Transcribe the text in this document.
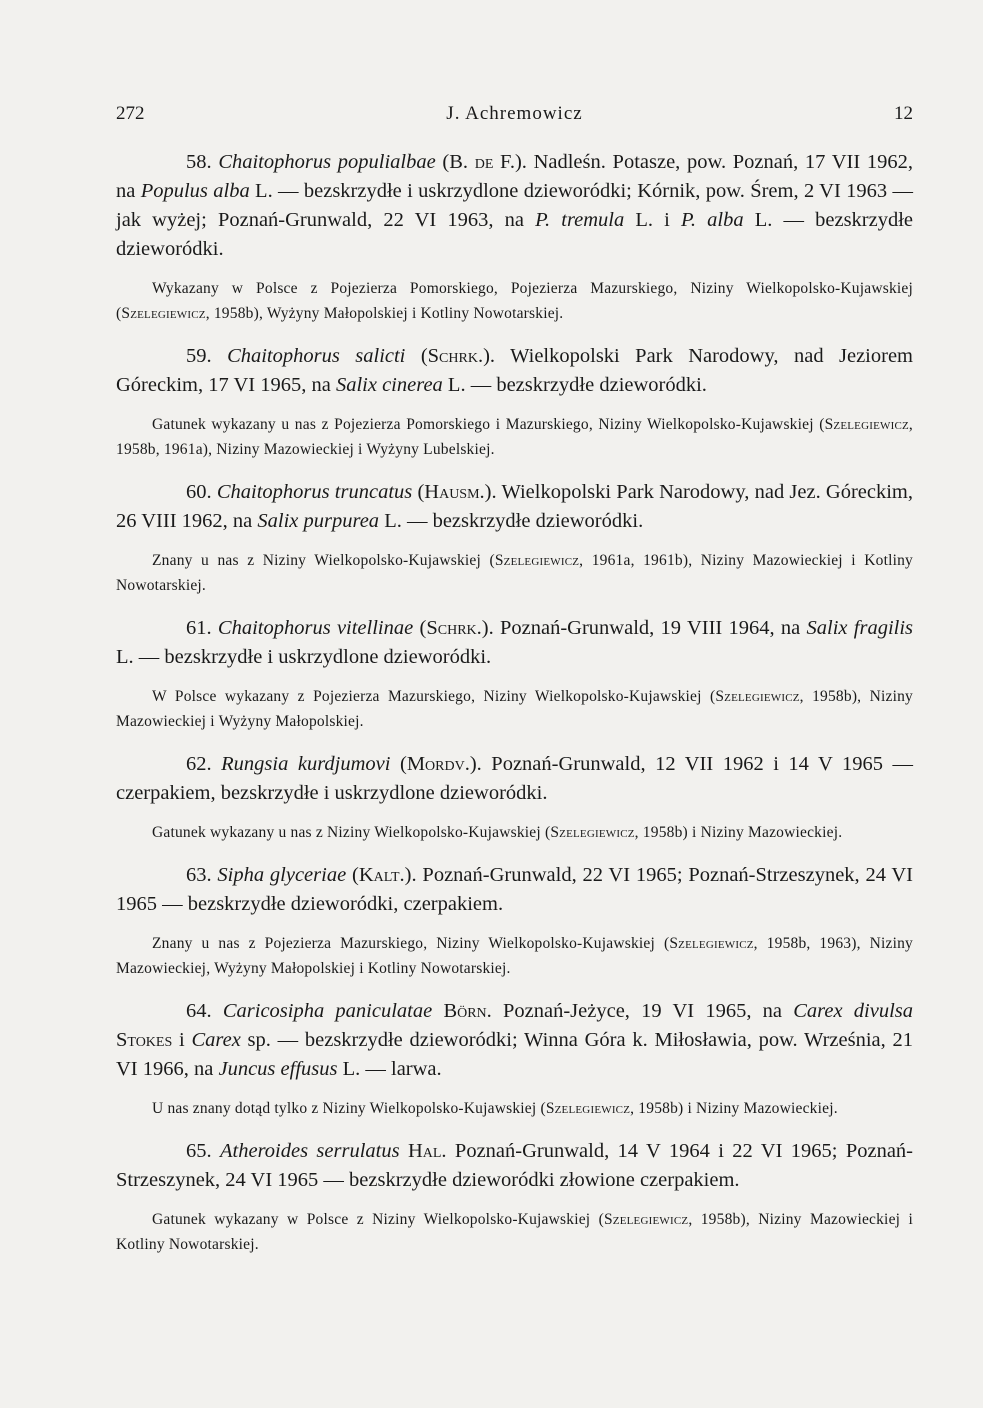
272	J. Achremowicz	12

58. Chaitophorus populialbae (B. de F.). Nadleśn. Potasze, pow. Poznań, 17 VII 1962, na Populus alba L. — bezskrzydłe i uskrzydlone dzieworódki; Kórnik, pow. Śrem, 2 VI 1963 — jak wyżej; Poznań-Grunwald, 22 VI 1963, na P. tremula L. i P. alba L. — bezskrzydłe dzieworódki.

Wykazany w Polsce z Pojezierza Pomorskiego, Pojezierza Mazurskiego, Niziny Wielkopolsko-Kujawskiej (Szelegiewicz, 1958b), Wyżyny Małopolskiej i Kotliny Nowotarskiej.

59. Chaitophorus salicti (Schrk.). Wielkopolski Park Narodowy, nad Jeziorem Góreckim, 17 VI 1965, na Salix cinerea L. — bezskrzydłe dzieworódki.

Gatunek wykazany u nas z Pojezierza Pomorskiego i Mazurskiego, Niziny Wielkopolsko-Kujawskiej (Szelegiewicz, 1958b, 1961a), Niziny Mazowieckiej i Wyżyny Lubelskiej.

60. Chaitophorus truncatus (Hausm.). Wielkopolski Park Narodowy, nad Jez. Góreckim, 26 VIII 1962, na Salix purpurea L. — bezskrzydłe dzieworódki.

Znany u nas z Niziny Wielkopolsko-Kujawskiej (Szelegiewicz, 1961a, 1961b), Niziny Mazowieckiej i Kotliny Nowotarskiej.

61. Chaitophorus vitellinae (Schrk.). Poznań-Grunwald, 19 VIII 1964, na Salix fragilis L. — bezskrzydłe i uskrzydlone dzieworódki.

W Polsce wykazany z Pojezierza Mazurskiego, Niziny Wielkopolsko-Kujawskiej (Szelegiewicz, 1958b), Niziny Mazowieckiej i Wyżyny Małopolskiej.

62. Rungsia kurdjumovi (Mordv.). Poznań-Grunwald, 12 VII 1962 i 14 V 1965 — czerpakiem, bezskrzydłe i uskrzydlone dzieworódki.

Gatunek wykazany u nas z Niziny Wielkopolsko-Kujawskiej (Szelegiewicz, 1958b) i Niziny Mazowieckiej.

63. Sipha glyceriae (Kalt.). Poznań-Grunwald, 22 VI 1965; Poznań-Strzeszynek, 24 VI 1965 — bezskrzydłe dzieworódki, czerpakiem.

Znany u nas z Pojezierza Mazurskiego, Niziny Wielkopolsko-Kujawskiej (Szelegiewicz, 1958b, 1963), Niziny Mazowieckiej, Wyżyny Małopolskiej i Kotliny Nowotarskiej.

64. Caricosipha paniculatae Börn. Poznań-Jeżyce, 19 VI 1965, na Carex divulsa Stokes i Carex sp. — bezskrzydłe dzieworódki; Winna Góra k. Miłosławia, pow. Września, 21 VI 1966, na Juncus effusus L. — larwa.

U nas znany dotąd tylko z Niziny Wielkopolsko-Kujawskiej (Szelegiewicz, 1958b) i Niziny Mazowieckiej.

65. Atheroides serrulatus Hal. Poznań-Grunwald, 14 V 1964 i 22 VI 1965; Poznań-Strzeszynek, 24 VI 1965 — bezskrzydłe dzieworódki złowione czerpakiem.

Gatunek wykazany w Polsce z Niziny Wielkopolsko-Kujawskiej (Szelegiewicz, 1958b), Niziny Mazowieckiej i Kotliny Nowotarskiej.
